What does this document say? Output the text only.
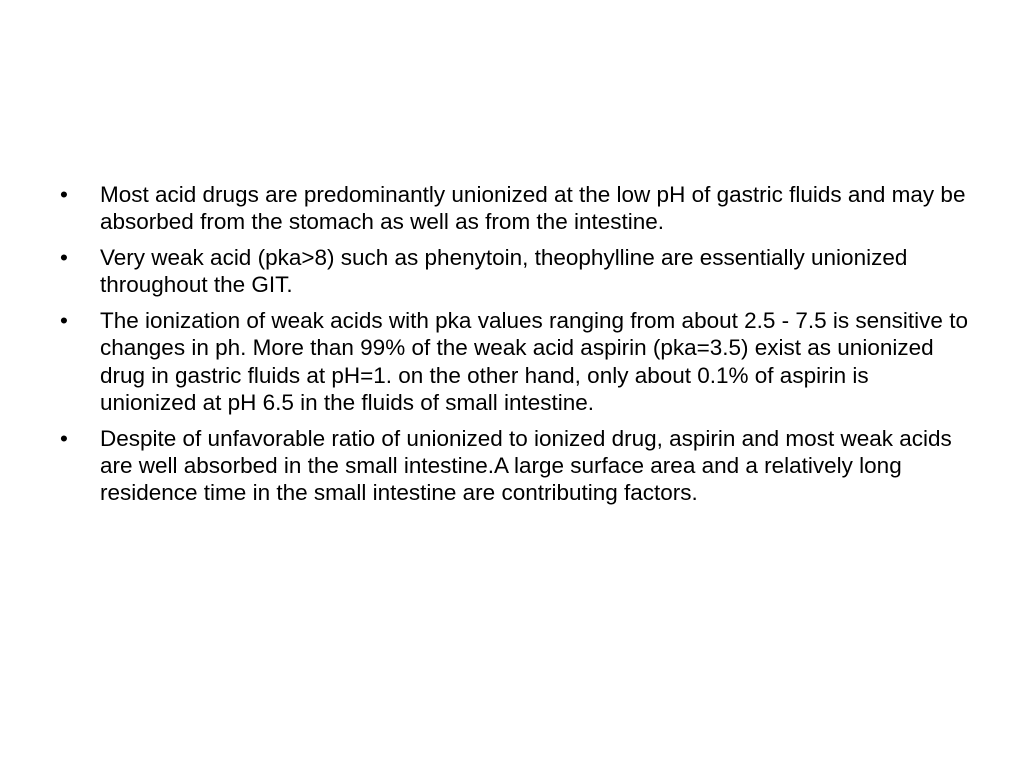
•	Most acid drugs are predominantly unionized at the low pH of gastric fluids and may be absorbed from the stomach as well as from the intestine.
•	Very weak acid (pka>8) such as phenytoin, theophylline are essentially unionized throughout the GIT.
•	The ionization of weak acids with pka values ranging from about 2.5 - 7.5 is sensitive to changes in ph. More than 99% of the weak acid aspirin (pka=3.5) exist as unionized drug in gastric fluids at pH=1. on the other hand, only about 0.1% of aspirin is unionized at pH 6.5 in the fluids of small intestine.
•	Despite of unfavorable ratio of unionized to ionized drug, aspirin and most weak acids are well absorbed in the small intestine.A large surface area and a relatively long residence time in the small intestine are contributing factors.
